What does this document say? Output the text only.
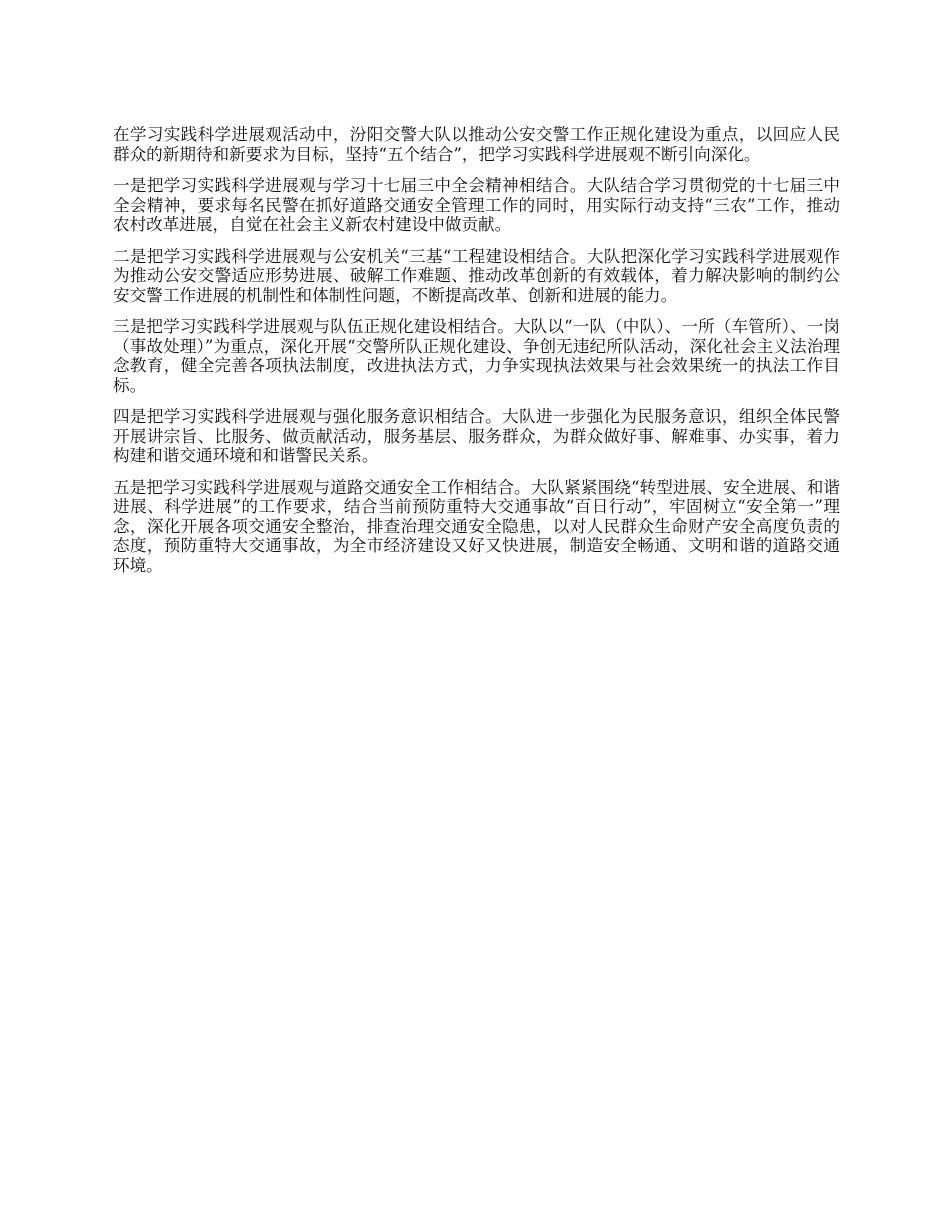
在学习实践科学进展观活动中，汾阳交警大队以推动公安交警工作正规化建设为重点，以回应人民群众的新期待和新要求为目标，坚持“五个结合”，把学习实践科学进展观不断引向深化。

一是把学习实践科学进展观与学习十七届三中全会精神相结合。大队结合学习贯彻党的十七届三中全会精神，要求每名民警在抓好道路交通安全管理工作的同时，用实际行动支持“三农”工作，推动农村改革进展，自觉在社会主义新农村建设中做贡献。

二是把学习实践科学进展观与公安机关“三基“工程建设相结合。大队把深化学习实践科学进展观作为推动公安交警适应形势进展、破解工作难题、推动改革创新的有效载体，着力解决影响的制约公安交警工作进展的机制性和体制性问题，不断提高改革、创新和进展的能力。

三是把学习实践科学进展观与队伍正规化建设相结合。大队以“一队（中队）、一所（车管所）、一岗（事故处理）”为重点，深化开展“交警所队正规化建设、争创无违纪所队活动，深化社会主义法治理念教育，健全完善各项执法制度，改进执法方式，力争实现执法效果与社会效果统一的执法工作目标。

四是把学习实践科学进展观与强化服务意识相结合。大队进一步强化为民服务意识，组织全体民警开展讲宗旨、比服务、做贡献活动，服务基层、服务群众，为群众做好事、解难事、办实事，着力构建和谐交通环境和和谐警民关系。

五是把学习实践科学进展观与道路交通安全工作相结合。大队紧紧围绕“转型进展、安全进展、和谐进展、科学进展”的工作要求，结合当前预防重特大交通事故“百日行动”，牢固树立“安全第一”理念，深化开展各项交通安全整治，排查治理交通安全隐患，以对人民群众生命财产安全高度负责的态度，预防重特大交通事故，为全市经济建设又好又快进展，制造安全畅通、文明和谐的道路交通环境。
